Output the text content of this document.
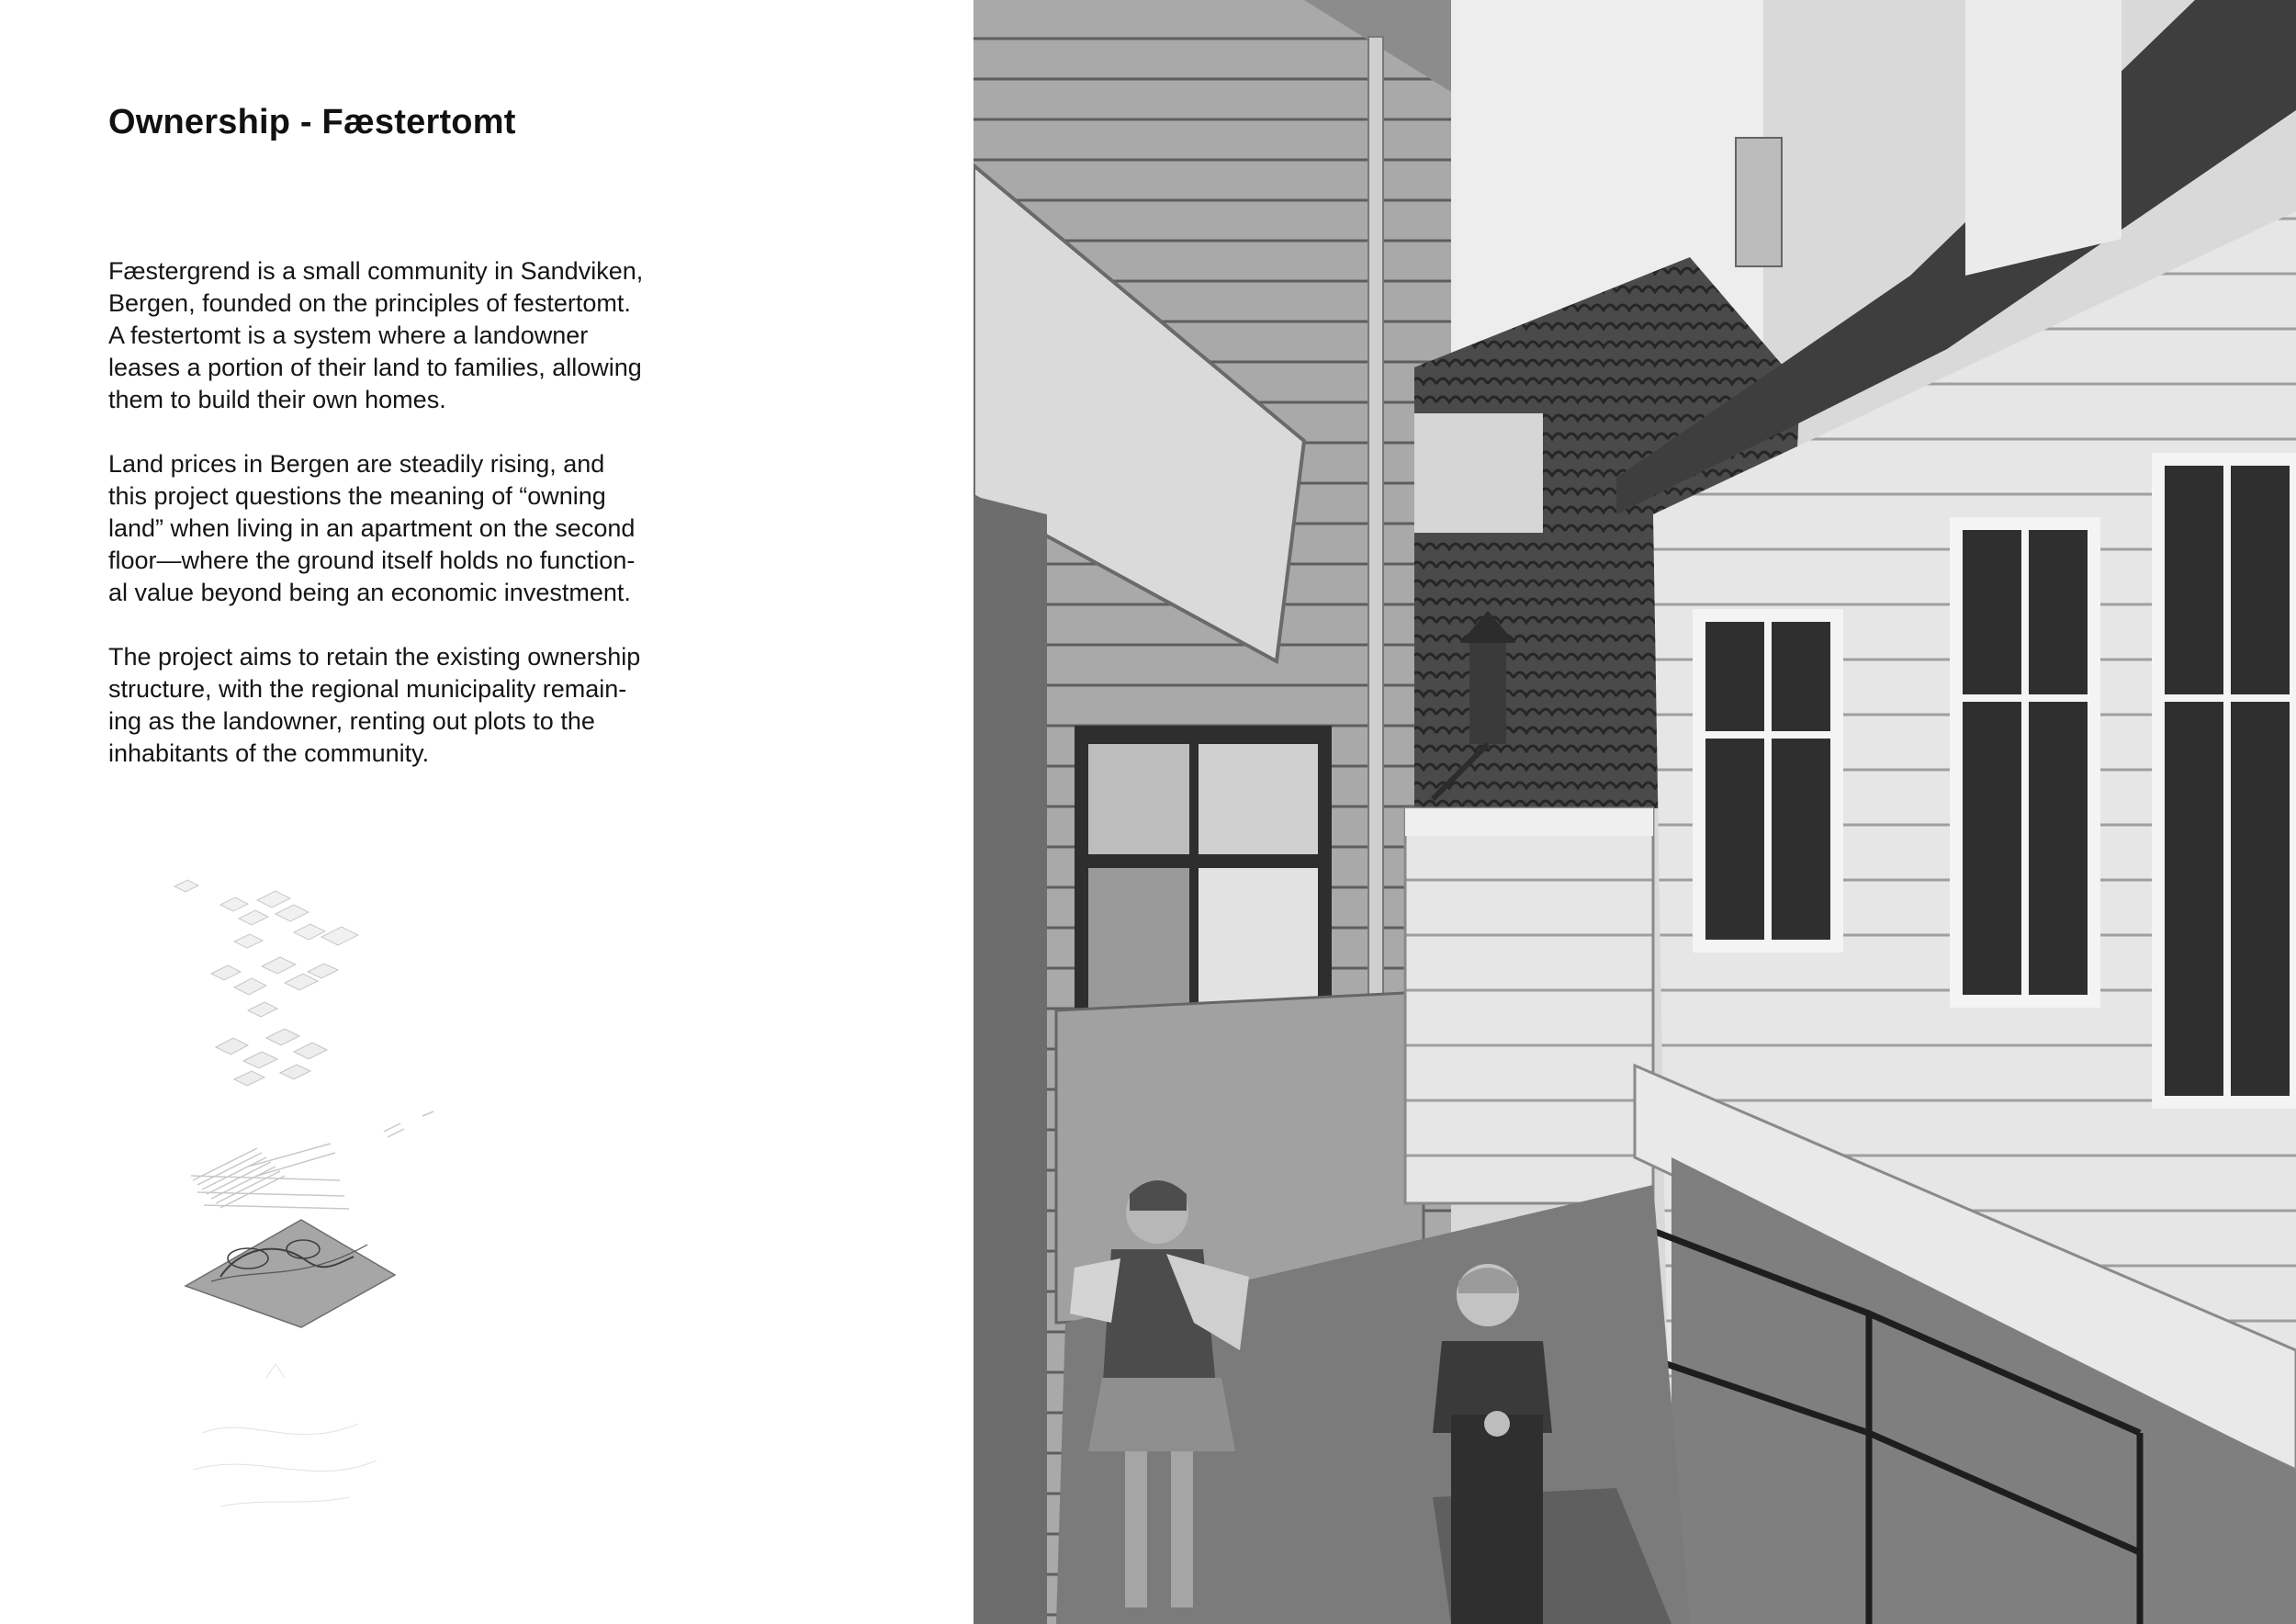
Ownership - Fæstertomt

Fæstergrend is a small community in Sandviken,
Bergen, founded on the principles of festertomt.
A festertomt is a system where a landowner
leases a portion of their land to families, allowing
them to build their own homes.

Land prices in Bergen are steadily rising, and
this project questions the meaning of “owning
land” when living in an apartment on the second
floor—where the ground itself holds no function-
al value beyond being an economic investment.

The project aims to retain the existing ownership
structure, with the regional municipality remain-
ing as the landowner, renting out plots to the
inhabitants of the community.
